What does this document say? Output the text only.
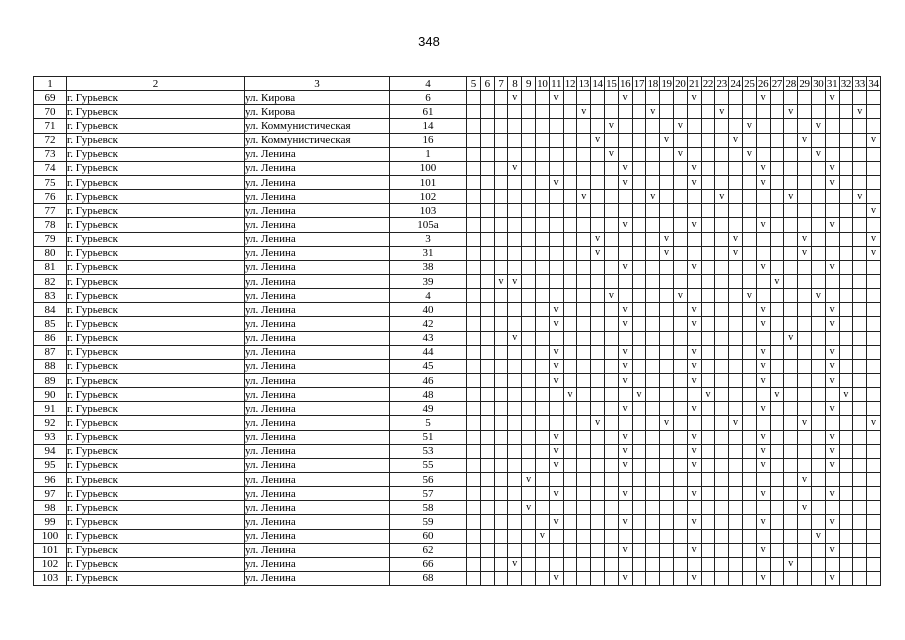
348
1	2	3	4	5	6	7	8	9	10	11	12	13	14	15	16	17	18	19	20	21	22	23	24	25	26	27	28	29	30	31	32	33	34
69	г. Гурьевск	ул. Кирова	6				v			v					v					v					v					v			
70	г. Гурьевск	ул. Кирова	61									v					v					v					v					v	
71	г. Гурьевск	ул. Коммунистическая	14											v					v					v					v				
72	г. Гурьевск	ул. Коммунистическая	16										v					v					v					v					v
73	г. Гурьевск	ул. Ленина	1											v					v					v					v				
74	г. Гурьевск	ул. Ленина	100				v								v					v					v					v			
75	г. Гурьевск	ул. Ленина	101							v					v					v					v					v			
76	г. Гурьевск	ул. Ленина	102									v					v					v					v					v	
77	г. Гурьевск	ул. Ленина	103																														v
78	г. Гурьевск	ул. Ленина	105а												v					v					v					v			
79	г. Гурьевск	ул. Ленина	3										v					v					v					v					v
80	г. Гурьевск	ул. Ленина	31										v					v					v					v					v
81	г. Гурьевск	ул. Ленина	38												v					v					v					v			
82	г. Гурьевск	ул. Ленина	39			v	v																			v							
83	г. Гурьевск	ул. Ленина	4											v					v					v					v				
84	г. Гурьевск	ул. Ленина	40							v					v					v					v					v			
85	г. Гурьевск	ул. Ленина	42							v					v					v					v					v			
86	г. Гурьевск	ул. Ленина	43				v																				v						
87	г. Гурьевск	ул. Ленина	44							v					v					v					v					v			
88	г. Гурьевск	ул. Ленина	45							v					v					v					v					v			
89	г. Гурьевск	ул. Ленина	46							v					v					v					v					v			
90	г. Гурьевск	ул. Ленина	48								v					v					v					v					v		
91	г. Гурьевск	ул. Ленина	49												v					v					v					v			
92	г. Гурьевск	ул. Ленина	5										v					v					v					v					v
93	г. Гурьевск	ул. Ленина	51							v					v					v					v					v			
94	г. Гурьевск	ул. Ленина	53							v					v					v					v					v			
95	г. Гурьевск	ул. Ленина	55							v					v					v					v					v			
96	г. Гурьевск	ул. Ленина	56					v																				v					
97	г. Гурьевск	ул. Ленина	57							v					v					v					v					v			
98	г. Гурьевск	ул. Ленина	58					v																				v					
99	г. Гурьевск	ул. Ленина	59							v					v					v					v					v			
100	г. Гурьевск	ул. Ленина	60						v																				v				
101	г. Гурьевск	ул. Ленина	62												v					v					v					v			
102	г. Гурьевск	ул. Ленина	66				v																				v						
103	г. Гурьевск	ул. Ленина	68							v					v					v					v					v			
